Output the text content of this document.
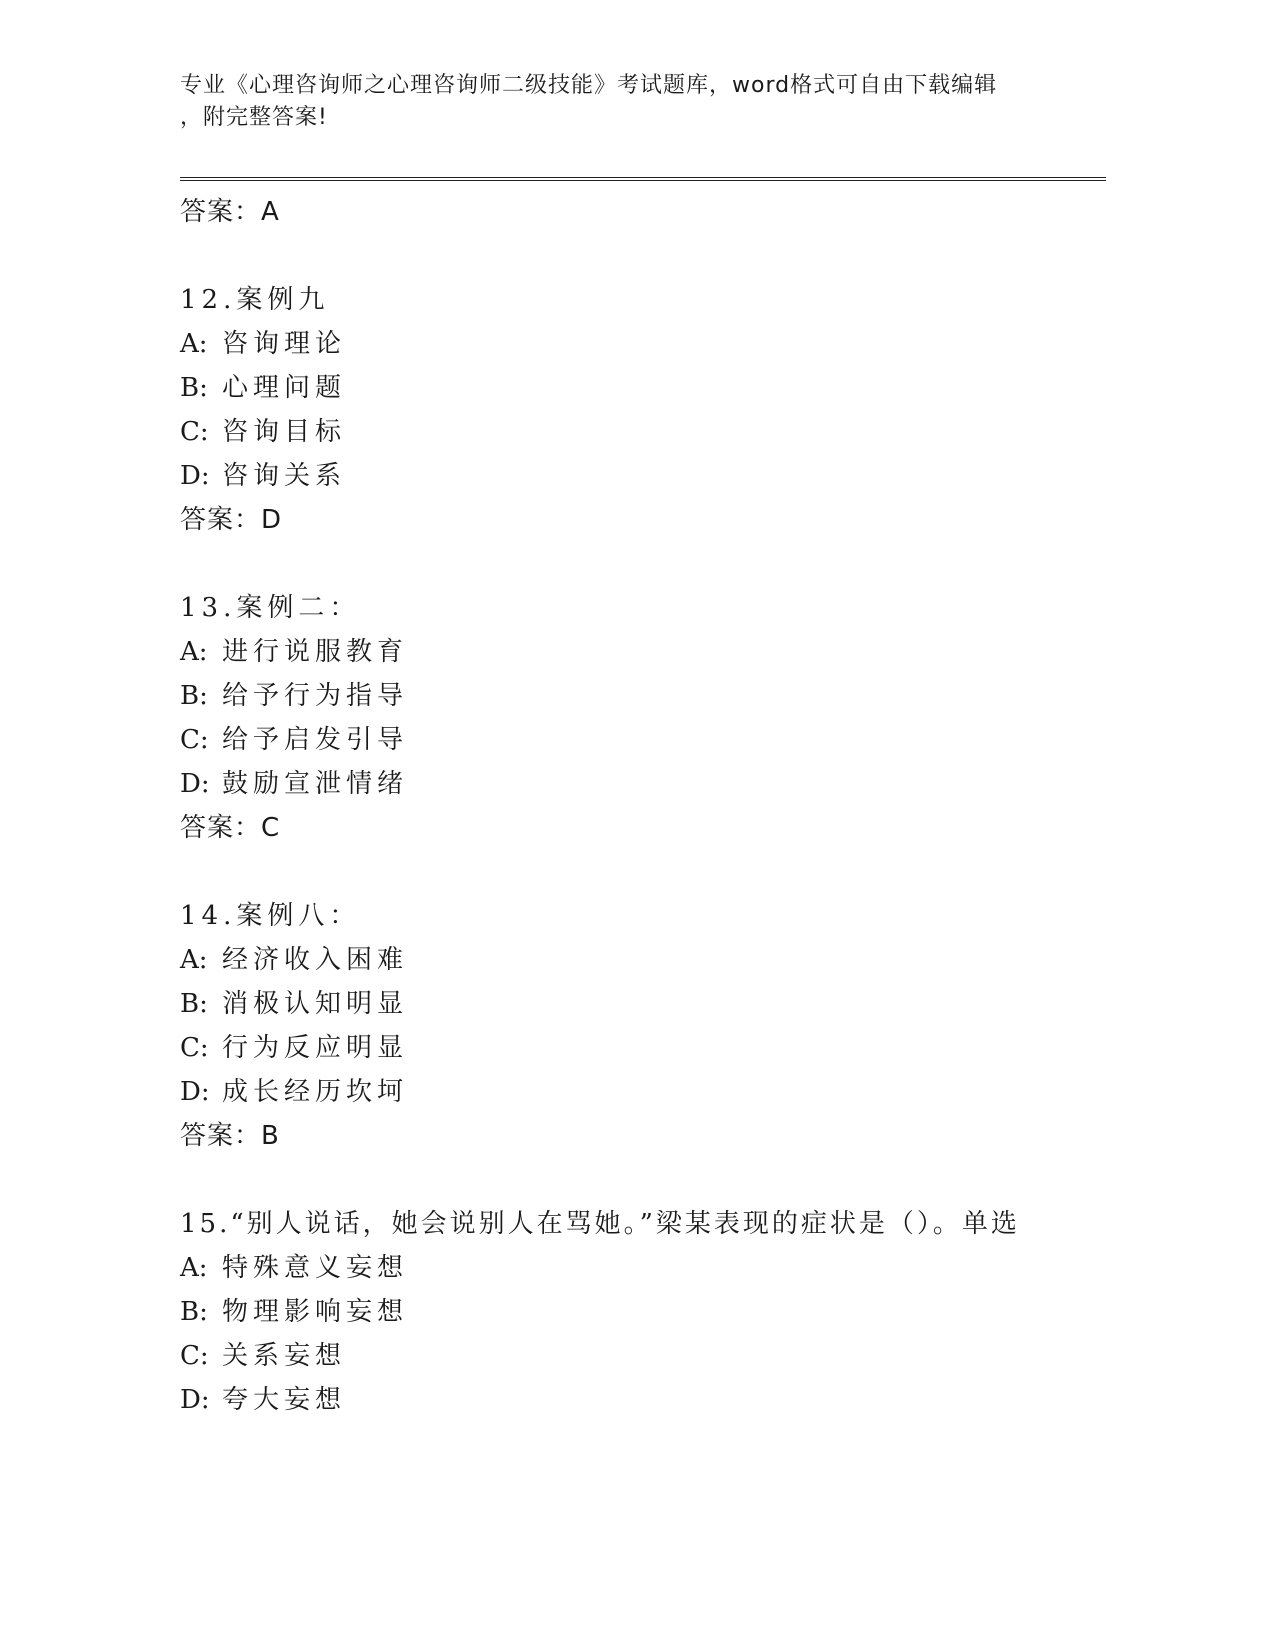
专业《心理咨询师之心理咨询师二级技能》考试题库，word格式可自由下载编辑
，附完整答案!
答案：A
12.案例九
A: 咨询理论
B: 心理问题
C: 咨询目标
D: 咨询关系
答案：D
13.案例二：
A: 进行说服教育
B: 给予行为指导
C: 给予启发引导
D: 鼓励宣泄情绪
答案：C
14.案例八：
A: 经济收入困难
B: 消极认知明显
C: 行为反应明显
D: 成长经历坎坷
答案：B
15.“别人说话，她会说别人在骂她。”梁某表现的症状是（）。单选
A: 特殊意义妄想
B: 物理影响妄想
C: 关系妄想
D: 夸大妄想
